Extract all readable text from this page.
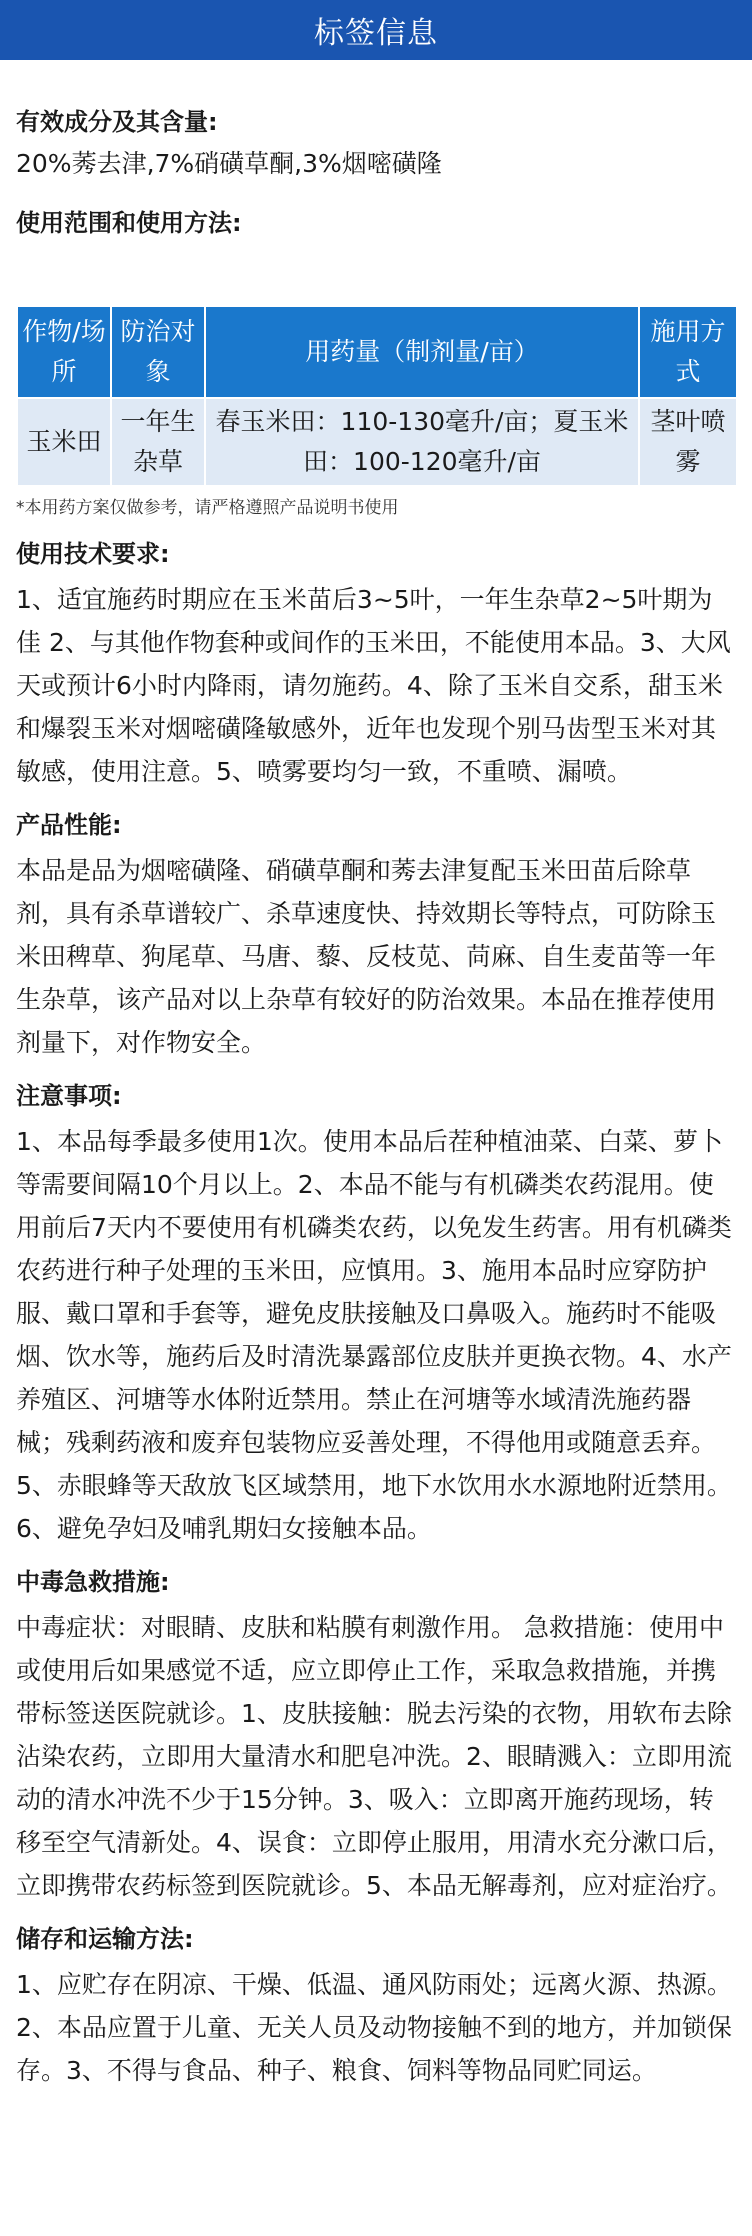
标签信息

有效成分及其含量:

20%莠去津,7%硝磺草酮,3%烟嘧磺隆

使用范围和使用方法:

作物/场所	防治对象	用药量（制剂量/亩）	施用方式
玉米田	一年生杂草	春玉米田：110-130毫升/亩；夏玉米田：100-120毫升/亩	茎叶喷雾

*本用药方案仅做参考，请严格遵照产品说明书使用

使用技术要求:

1、适宜施药时期应在玉米苗后3~5叶，一年生杂草2~5叶期为佳 2、与其他作物套种或间作的玉米田，不能使用本品。3、大风天或预计6小时内降雨，请勿施药。4、除了玉米自交系，甜玉米和爆裂玉米对烟嘧磺隆敏感外，近年也发现个别马齿型玉米对其敏感，使用注意。5、喷雾要均匀一致，不重喷、漏喷。

产品性能:

本品是品为烟嘧磺隆、硝磺草酮和莠去津复配玉米田苗后除草剂，具有杀草谱较广、杀草速度快、持效期长等特点，可防除玉米田稗草、狗尾草、马唐、藜、反枝苋、苘麻、自生麦苗等一年生杂草，该产品对以上杂草有较好的防治效果。本品在推荐使用剂量下，对作物安全。

注意事项:

1、本品每季最多使用1次。使用本品后茬种植油菜、白菜、萝卜等需要间隔10个月以上。2、本品不能与有机磷类农药混用。使用前后7天内不要使用有机磷类农药，以免发生药害。用有机磷类农药进行种子处理的玉米田，应慎用。3、施用本品时应穿防护服、戴口罩和手套等，避免皮肤接触及口鼻吸入。施药时不能吸烟、饮水等，施药后及时清洗暴露部位皮肤并更换衣物。4、水产养殖区、河塘等水体附近禁用。禁止在河塘等水域清洗施药器械；残剩药液和废弃包装物应妥善处理，不得他用或随意丢弃。5、赤眼蜂等天敌放飞区域禁用，地下水饮用水水源地附近禁用。6、避免孕妇及哺乳期妇女接触本品。

中毒急救措施:

中毒症状：对眼睛、皮肤和粘膜有刺激作用。 急救措施：使用中或使用后如果感觉不适，应立即停止工作，采取急救措施，并携带标签送医院就诊。1、皮肤接触：脱去污染的衣物，用软布去除沾染农药，立即用大量清水和肥皂冲洗。2、眼睛溅入：立即用流动的清水冲洗不少于15分钟。3、吸入：立即离开施药现场，转移至空气清新处。4、误食：立即停止服用，用清水充分漱口后，立即携带农药标签到医院就诊。5、本品无解毒剂，应对症治疗。

储存和运输方法:

1、应贮存在阴凉、干燥、低温、通风防雨处；远离火源、热源。2、本品应置于儿童、无关人员及动物接触不到的地方，并加锁保存。3、不得与食品、种子、粮食、饲料等物品同贮同运。
